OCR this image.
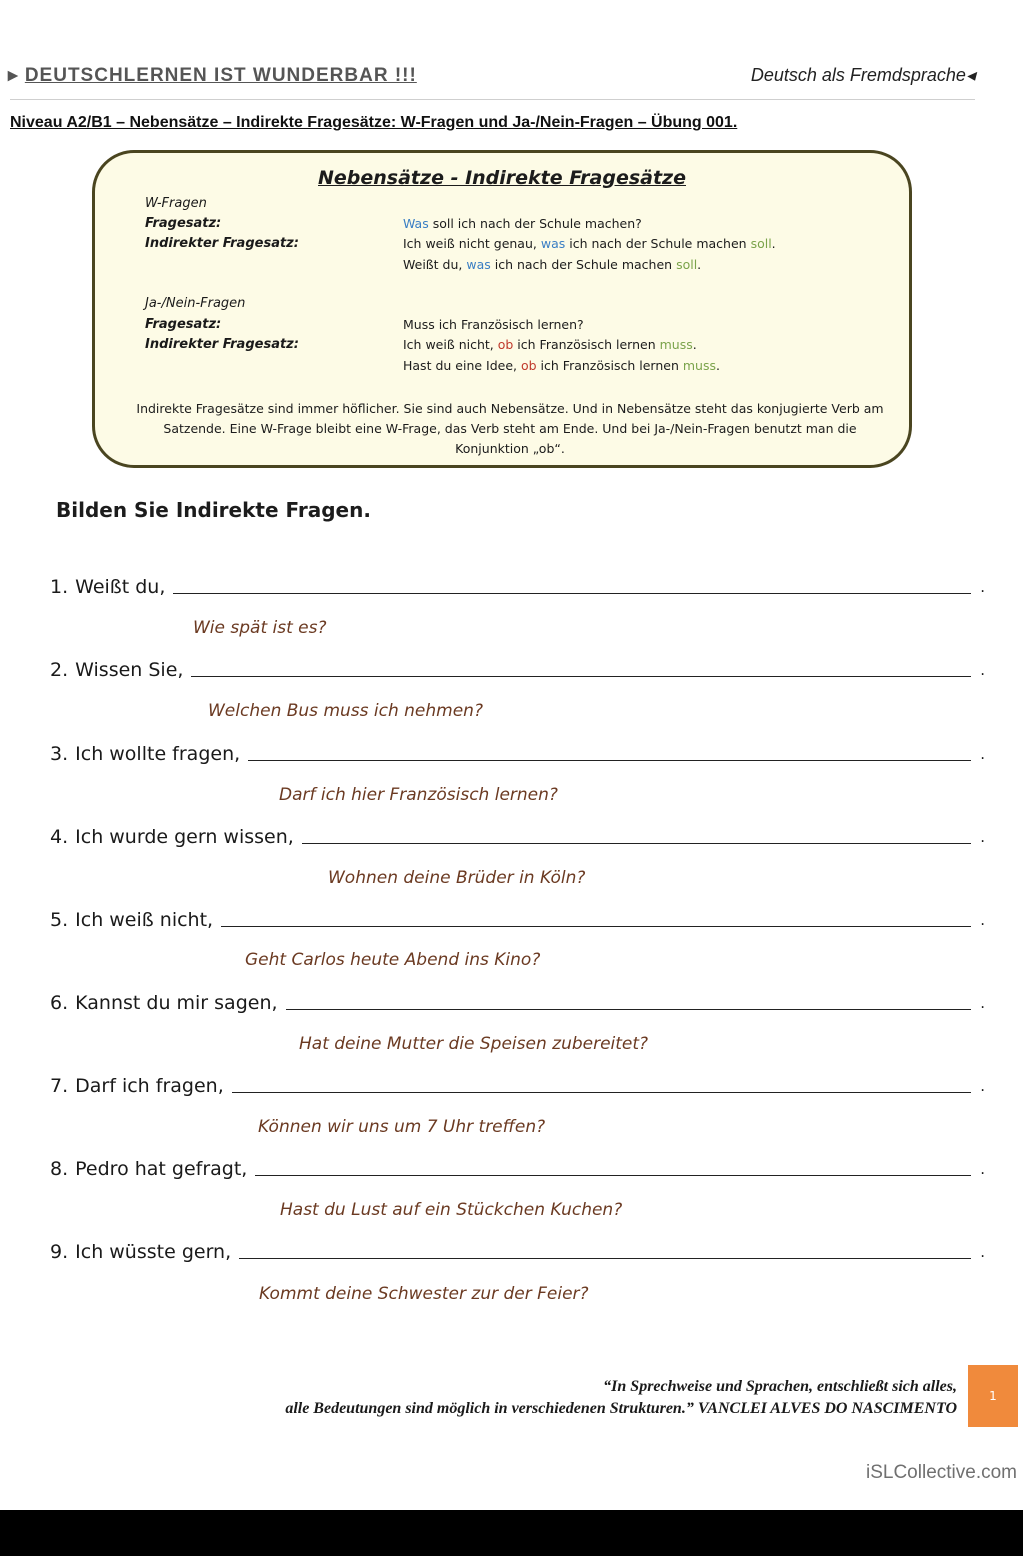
▸ DEUTSCHLERNEN IST WUNDERBAR !!!	Deutsch als Fremdsprache◂
Niveau A2/B1 – Nebensätze – Indirekte Fragesätze: W-Fragen und Ja-/Nein-Fragen – Übung 001.
Nebensätze - Indirekte Fragesätze
W-Fragen
Fragesatz:	Was soll ich nach der Schule machen?
Indirekter Fragesatz:	Ich weiß nicht genau, was ich nach der Schule machen soll.
Weißt du, was ich nach der Schule machen soll.
Ja-/Nein-Fragen
Fragesatz:	Muss ich Französisch lernen?
Indirekter Fragesatz:	Ich weiß nicht, ob ich Französisch lernen muss.
Hast du eine Idee, ob ich Französisch lernen muss.
Indirekte Fragesätze sind immer höflicher. Sie sind auch Nebensätze. Und in Nebensätze steht das konjugierte Verb am Satzende. Eine W-Frage bleibt eine W-Frage, das Verb steht am Ende. Und bei Ja-/Nein-Fragen benutzt man die Konjunktion „ob“.
Bilden Sie Indirekte Fragen.
1. Weißt du,	.
Wie spät ist es?
2. Wissen Sie,	.
Welchen Bus muss ich nehmen?
3. Ich wollte fragen,	.
Darf ich hier Französisch lernen?
4. Ich wurde gern wissen,	.
Wohnen deine Brüder in Köln?
5. Ich weiß nicht,	.
Geht Carlos heute Abend ins Kino?
6. Kannst du mir sagen,	.
Hat deine Mutter die Speisen zubereitet?
7. Darf ich fragen,	.
Können wir uns um 7 Uhr treffen?
8. Pedro hat gefragt,	.
Hast du Lust auf ein Stückchen Kuchen?
9. Ich wüsste gern,	.
Kommt deine Schwester zur der Feier?
“In Sprechweise und Sprachen, entschließt sich alles,
alle Bedeutungen sind möglich in verschiedenen Strukturen.” VANCLEI ALVES DO NASCIMENTO
1
iSLCollective.com
